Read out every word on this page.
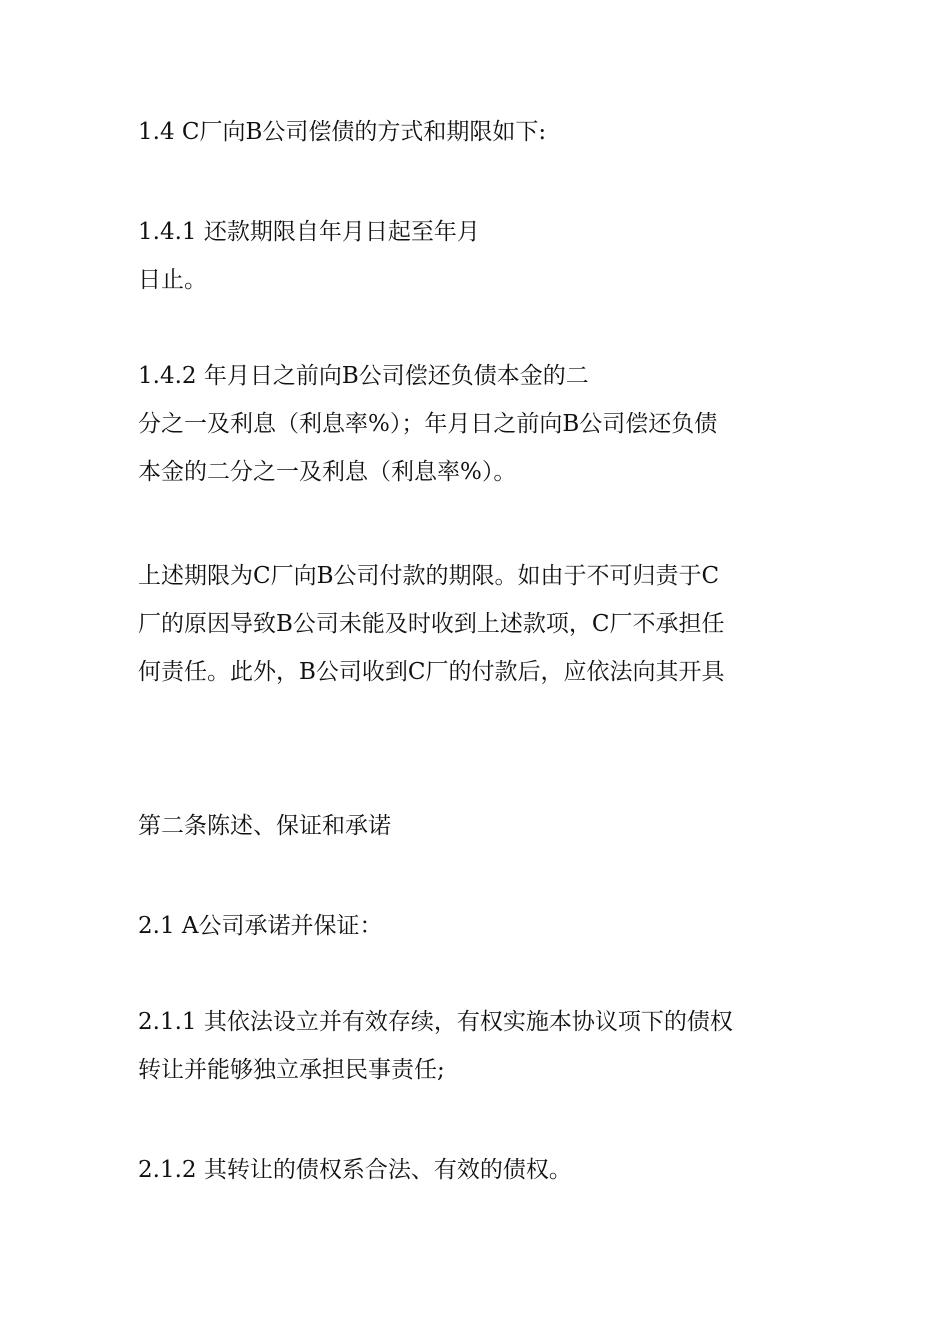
1.4 C厂向B公司偿债的方式和期限如下:
1.4.1 还款期限自年月日起至年月
日止。
1.4.2 年月日之前向B公司偿还负债本金的二
分之一及利息（利息率%）；年月日之前向B公司偿还负债
本金的二分之一及利息（利息率%）。
上述期限为C厂向B公司付款的期限。如由于不可归责于C
厂的原因导致B公司未能及时收到上述款项，C厂不承担任
何责任。此外，B公司收到C厂的付款后，应依法向其开具
第二条陈述、保证和承诺
2.1 A公司承诺并保证：
2.1.1 其依法设立并有效存续，有权实施本协议项下的债权
转让并能够独立承担民事责任;
2.1.2 其转让的债权系合法、有效的债权。
